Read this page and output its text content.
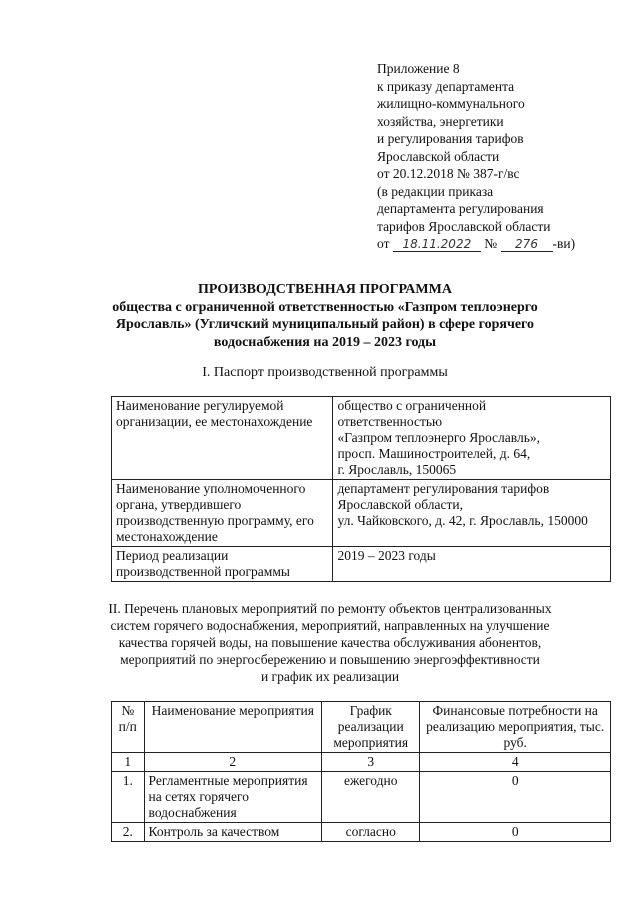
Приложение 8
к приказу департамента
жилищно-коммунального
хозяйства, энергетики
и регулирования тарифов
Ярославской области
от 20.12.2018 № 387-г/вс
(в редакции приказа
департамента регулирования
тарифов Ярославской области
от 18.11.2022 № 276 -ви)
ПРОИЗВОДСТВЕННАЯ ПРОГРАММА
общества с ограниченной ответственностью «Газпром теплоэнерго
Ярославль» (Угличский муниципальный район) в сфере горячего
водоснабжения на 2019 – 2023 годы
I. Паспорт производственной программы
Наименование регулируемой организации, ее местонахождение	общество с ограниченной
ответственностью
«Газпром теплоэнерго Ярославль»,
просп. Машиностроителей, д. 64,
г. Ярославль, 150065

Наименование уполномоченного органа, утвердившего производственную программу, его местонахождение	департамент регулирования тарифов
Ярославской области,
ул. Чайковского, д. 42, г. Ярославль, 150000

Период реализации производственной программы	2019 – 2023 годы
II. Перечень плановых мероприятий по ремонту объектов централизованных
систем горячего водоснабжения, мероприятий, направленных на улучшение
качества горячей воды, на повышение качества обслуживания абонентов,
мероприятий по энергосбережению и повышению энергоэффективности
и график их реализации
№ п/п	Наименование мероприятия	График реализации мероприятия	Финансовые потребности на реализацию мероприятия, тыс. руб.
1	2	3	4
1.	Регламентные мероприятия на сетях горячего водоснабжения	ежегодно	0
2.	Контроль за качеством	согласно	0
